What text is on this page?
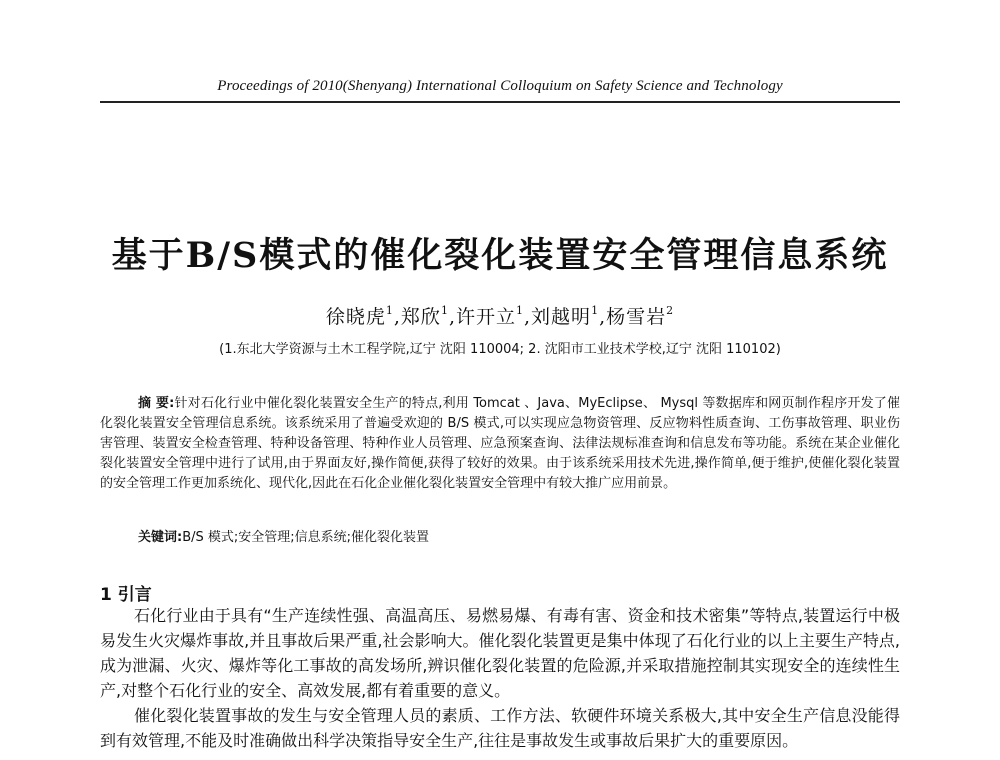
Proceedings of 2010(Shenyang) International Colloquium on Safety Science and Technology
基于B/S模式的催化裂化装置安全管理信息系统
徐晓虎$^1$,郑欣$^1$,许开立$^1$,刘越明$^1$,杨雪岩$^2$
(1.东北大学资源与土木工程学院,辽宁 沈阳 110004; 2. 沈阳市工业技术学校,辽宁 沈阳 110102)
摘 要:针对石化行业中催化裂化装置安全生产的特点,利用 Tomcat 、Java、MyEclipse、 Mysql 等数据库和网页制作程序开发了催化裂化装置安全管理信息系统。该系统采用了普遍受欢迎的 B/S 模式,可以实现应急物资管理、反应物料性质查询、工伤事故管理、职业伤害管理、装置安全检查管理、特种设备管理、特种作业人员管理、应急预案查询、法律法规标准查询和信息发布等功能。系统在某企业催化裂化装置安全管理中进行了试用,由于界面友好,操作简便,获得了较好的效果。由于该系统采用技术先进,操作简单,便于维护,使催化裂化装置的安全管理工作更加系统化、现代化,因此在石化企业催化裂化装置安全管理中有较大推广应用前景。
关键词:B/S 模式;安全管理;信息系统;催化裂化装置
1 引言

石化行业由于具有“生产连续性强、高温高压、易燃易爆、有毒有害、资金和技术密集”等特点,装置运行中极易发生火灾爆炸事故,并且事故后果严重,社会影响大。催化裂化装置更是集中体现了石化行业的以上主要生产特点,成为泄漏、火灾、爆炸等化工事故的高发场所,辨识催化裂化装置的危险源,并采取措施控制其实现安全的连续性生产,对整个石化行业的安全、高效发展,都有着重要的意义。

催化裂化装置事故的发生与安全管理人员的素质、工作方法、软硬件环境关系极大,其中安全生产信息没能得到有效管理,不能及时准确做出科学决策指导安全生产,往往是事故发生或事故后果扩大的重要原因。
